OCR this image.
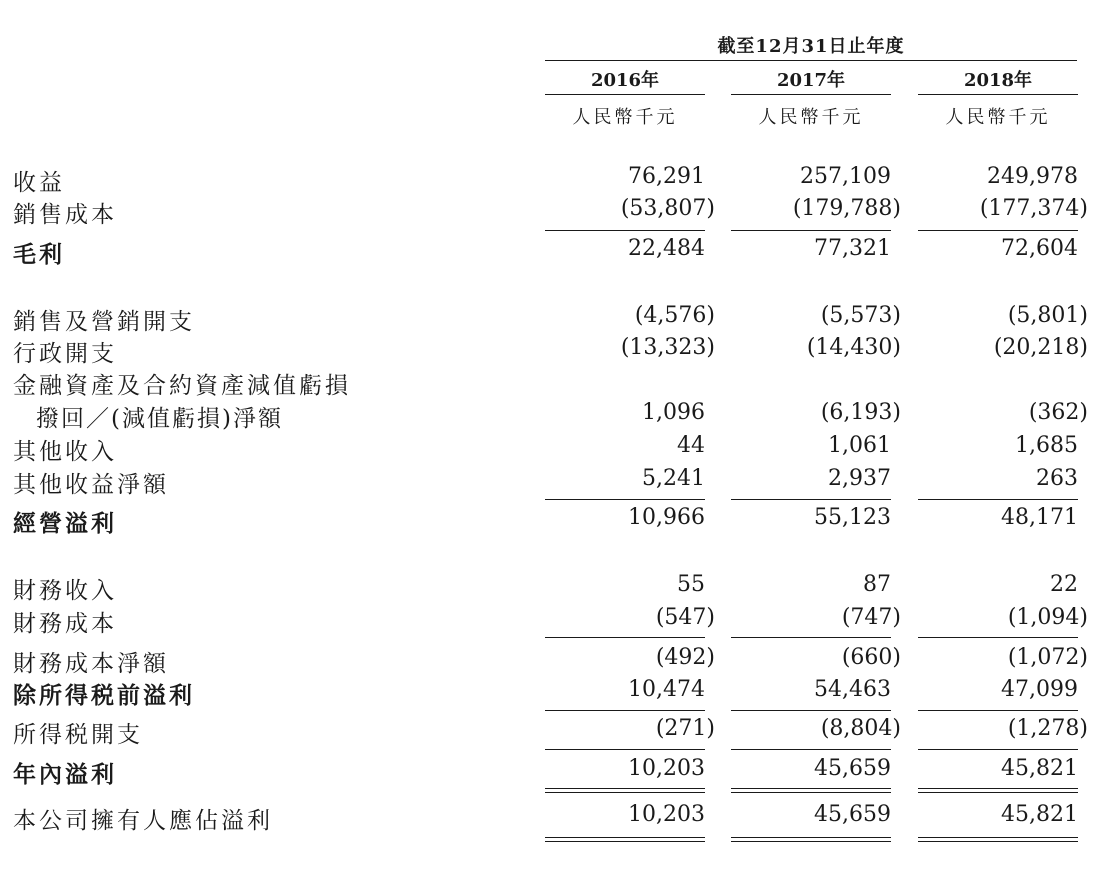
截至12月31日止年度
2016年	2017年	2018年
人民幣千元	人民幣千元	人民幣千元
收益	76,291	257,109	249,978
銷售成本	(53,807)	(179,788)	(177,374)
毛利	22,484	77,321	72,604
銷售及營銷開支	(4,576)	(5,573)	(5,801)
行政開支	(13,323)	(14,430)	(20,218)
金融資產及合約資產減值虧損
撥回／(減值虧損)淨額	1,096	(6,193)	(362)
其他收入	44	1,061	1,685
其他收益淨額	5,241	2,937	263
經營溢利	10,966	55,123	48,171
財務收入	55	87	22
財務成本	(547)	(747)	(1,094)
財務成本淨額	(492)	(660)	(1,072)
除所得税前溢利	10,474	54,463	47,099
所得税開支	(271)	(8,804)	(1,278)
年內溢利	10,203	45,659	45,821
本公司擁有人應佔溢利	10,203	45,659	45,821
